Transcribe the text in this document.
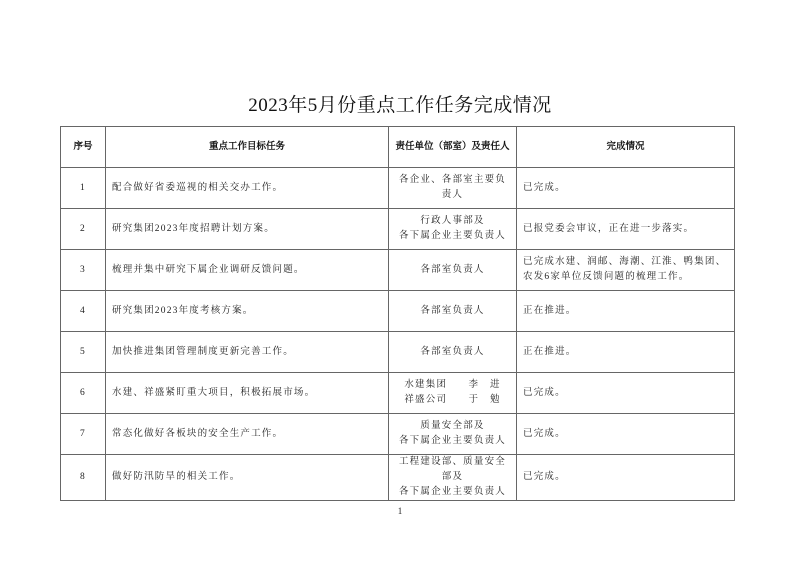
2023年5月份重点工作任务完成情况
序号	重点工作目标任务	责任单位（部室）及责任人	完成情况
1	配合做好省委巡视的相关交办工作。	各企业、各部室主要负责人	已完成。
2	研究集团2023年度招聘计划方案。	行政人事部及
各下属企业主要负责人	已报党委会审议，正在进一步落实。
3	梳理并集中研究下属企业调研反馈问题。	各部室负责人	已完成水建、润邮、海潮、江淮、鸭集团、农发6家单位反馈问题的梳理工作。
4	研究集团2023年度考核方案。	各部室负责人	正在推进。
5	加快推进集团管理制度更新完善工作。	各部室负责人	正在推进。
6	水建、祥盛紧盯重大项目，积极拓展市场。	水建集团　　李　进
祥盛公司　　于　勉	已完成。
7	常态化做好各板块的安全生产工作。	质量安全部及
各下属企业主要负责人	已完成。
8	做好防汛防旱的相关工作。	工程建设部、质量安全部及
各下属企业主要负责人	已完成。
1
